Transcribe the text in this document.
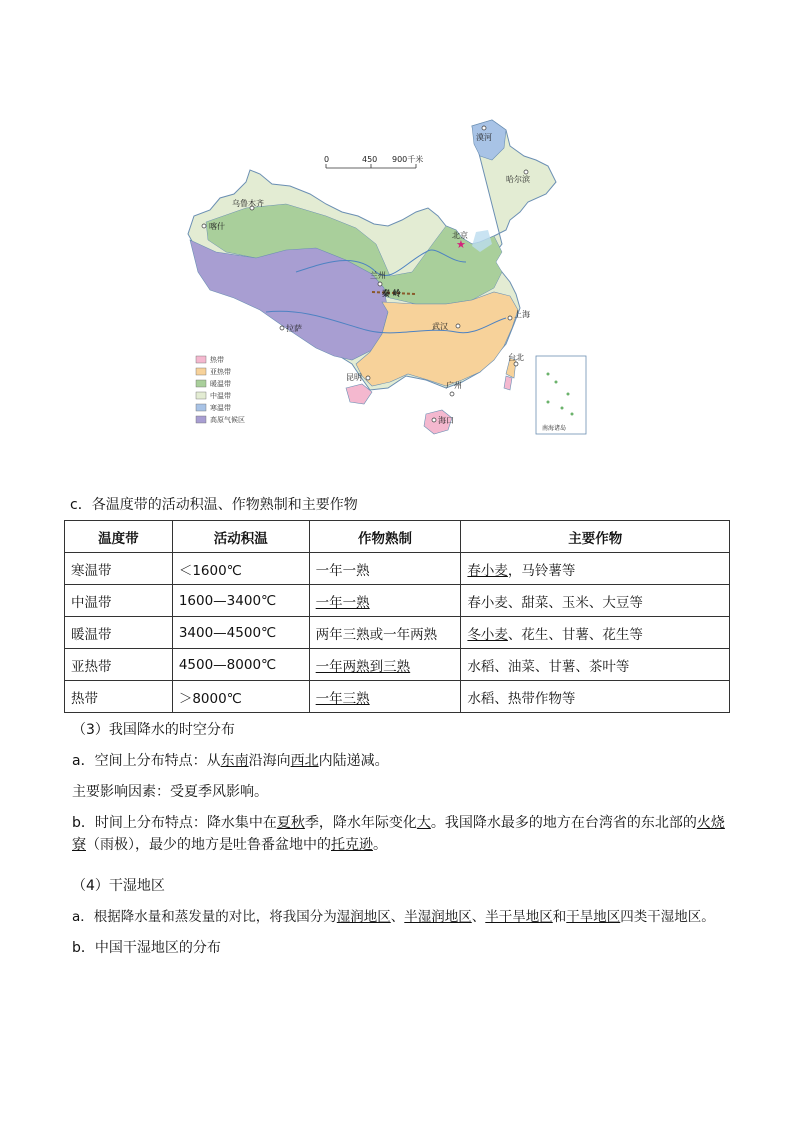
南海诸岛
0	450 900千米
漠河
哈尔滨
乌鲁木齐
喀什
★
北京
兰州
秦 岭
上海
拉萨	武汉
台北
昆明
广州
海口
热带
亚热带
暖温带
中温带
寒温带
高原气候区
c．各温度带的活动积温、作物熟制和主要作物
温度带	活动积温	作物熟制	主要作物
寒温带	＜1600℃	一年一熟	春小麦，马铃薯等
中温带	1600—3400℃	一年一熟	春小麦、甜菜、玉米、大豆等
暖温带	3400—4500℃	两年三熟或一年两熟	冬小麦、花生、甘薯、花生等
亚热带	4500—8000℃	一年两熟到三熟	水稻、油菜、甘薯、茶叶等
热带	＞8000℃	一年三熟	水稻、热带作物等
（3）我国降水的时空分布
a．空间上分布特点：从东南沿海向西北内陆递减。
主要影响因素：受夏季风影响。
b．时间上分布特点：降水集中在夏秋季，降水年际变化大。我国降水最多的地方在台湾省的东北部的火烧
寮（雨极），最少的地方是吐鲁番盆地中的托克逊。
（4）干湿地区
a．根据降水量和蒸发量的对比，将我国分为湿润地区、半湿润地区、半干旱地区和干旱地区四类干湿地区。
b．中国干湿地区的分布
